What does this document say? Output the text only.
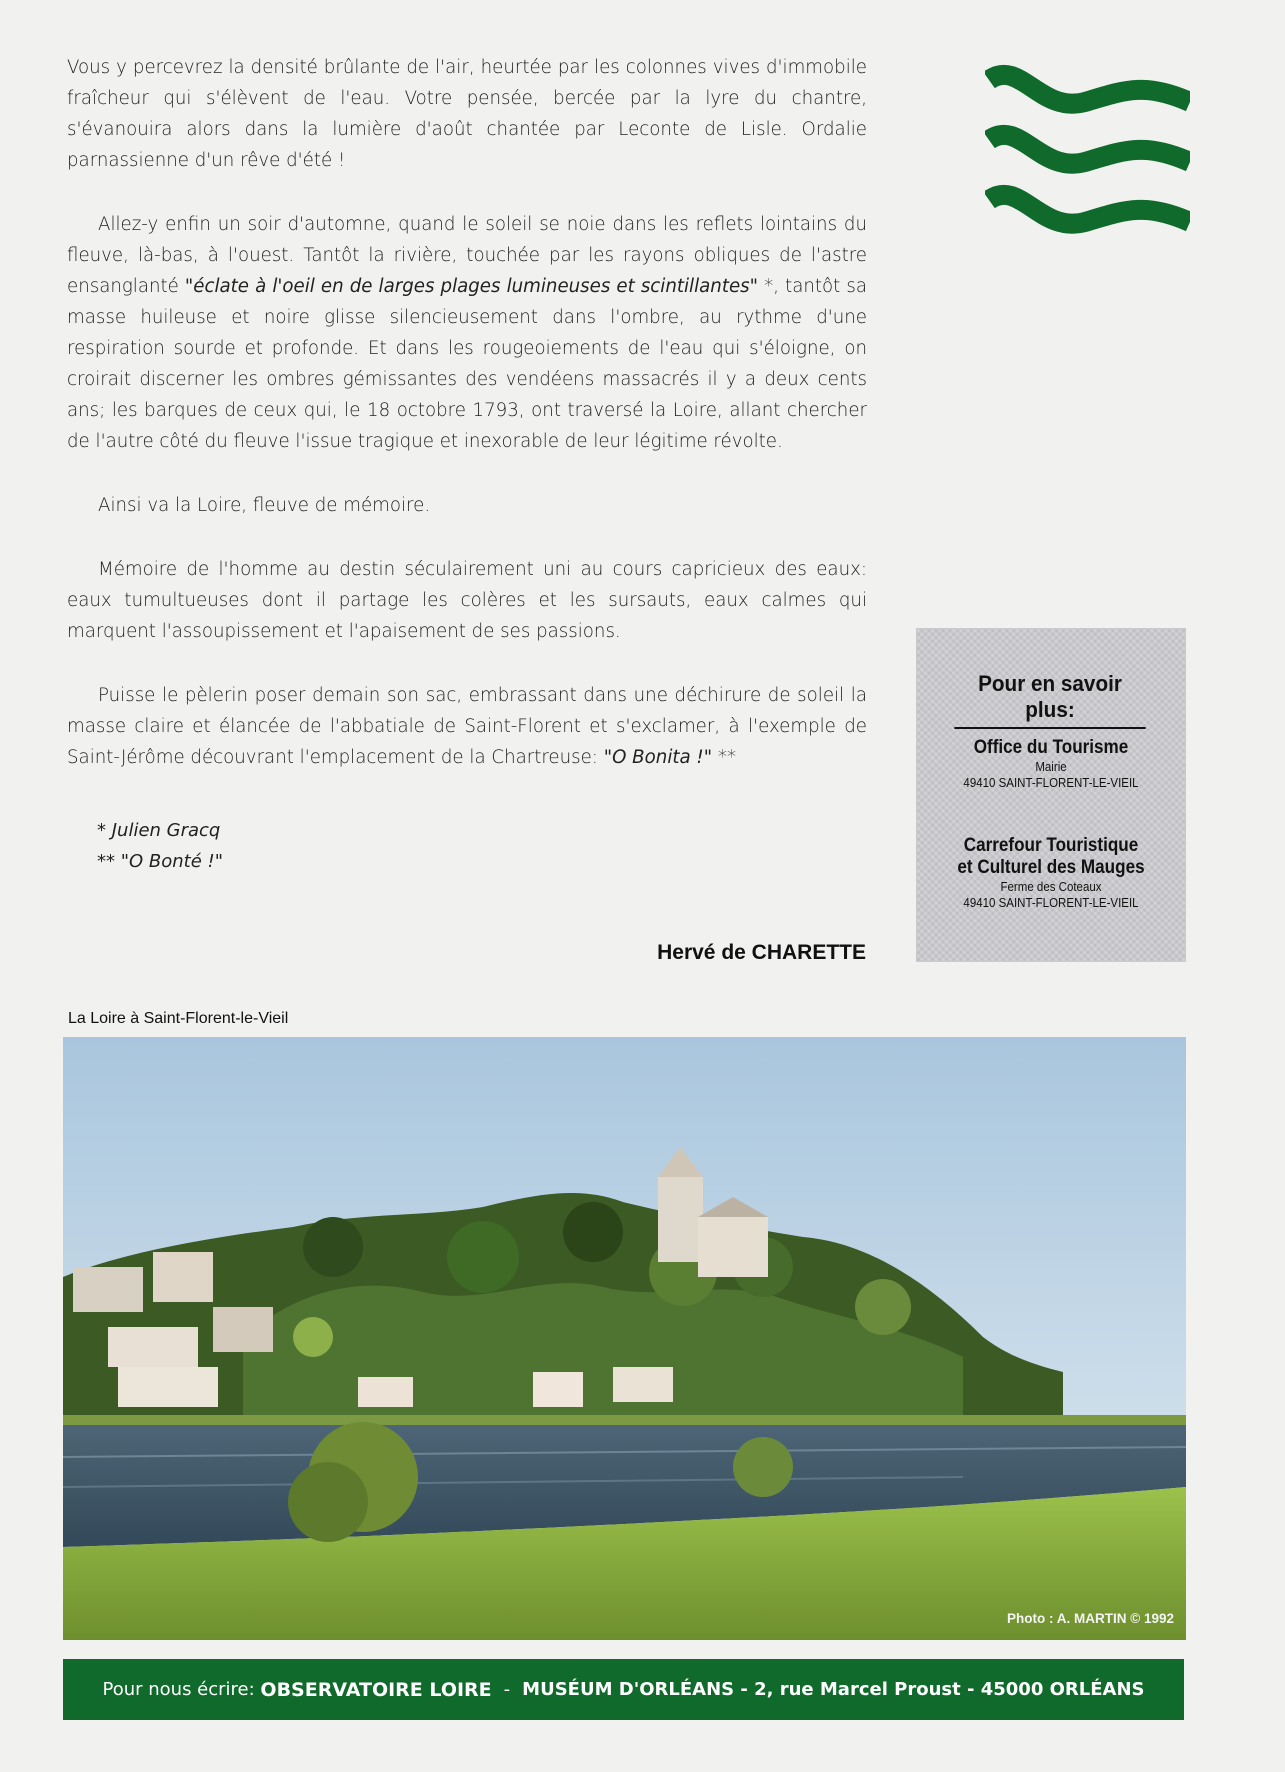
Vous y percevrez la densité brûlante de l'air, heurtée par les colonnes vives d'immobile fraîcheur qui s'élèvent de l'eau. Votre pensée, bercée par la lyre du chantre, s'évanouira alors dans la lumière d'août chantée par Leconte de Lisle. Ordalie parnassienne d'un rêve d'été !

Allez-y enfin un soir d'automne, quand le soleil se noie dans les reflets lointains du fleuve, là-bas, à l'ouest. Tantôt la rivière, touchée par les rayons obliques de l'astre ensanglanté "éclate à l'oeil en de larges plages lumineuses et scintillantes" *, tantôt sa masse huileuse et noire glisse silencieusement dans l'ombre, au rythme d'une respiration sourde et profonde. Et dans les rougeoiements de l'eau qui s'éloigne, on croirait discerner les ombres gémissantes des vendéens massacrés il y a deux cents ans; les barques de ceux qui, le 18 octobre 1793, ont traversé la Loire, allant chercher de l'autre côté du fleuve l'issue tragique et inexorable de leur légitime révolte.

Ainsi va la Loire, fleuve de mémoire.

Mémoire de l'homme au destin séculairement uni au cours capricieux des eaux: eaux tumultueuses dont il partage les colères et les sursauts, eaux calmes qui marquent l'assoupissement et l'apaisement de ses passions.

Puisse le pèlerin poser demain son sac, embrassant dans une déchirure de soleil la masse claire et élancée de l'abbatiale de Saint-Florent et s'exclamer, à l'exemple de Saint-Jérôme découvrant l'emplacement de la Chartreuse: "O Bonita !" **

* Julien Gracq
** "O Bonté !"
Hervé de CHARETTE
Pour en savoir plus:
Office du Tourisme
Mairie
49410 SAINT-FLORENT-LE-VIEIL
Carrefour Touristique
et Culturel des Mauges
Ferme des Coteaux
49410 SAINT-FLORENT-LE-VIEIL
La Loire à Saint-Florent-le-Vieil
Photo : A. MARTIN © 1992
Pour nous écrire:
OBSERVATOIRE LOIRE - MUSÉUM D'ORLÉANS - 2, rue Marcel Proust - 45000 ORLÉANS
